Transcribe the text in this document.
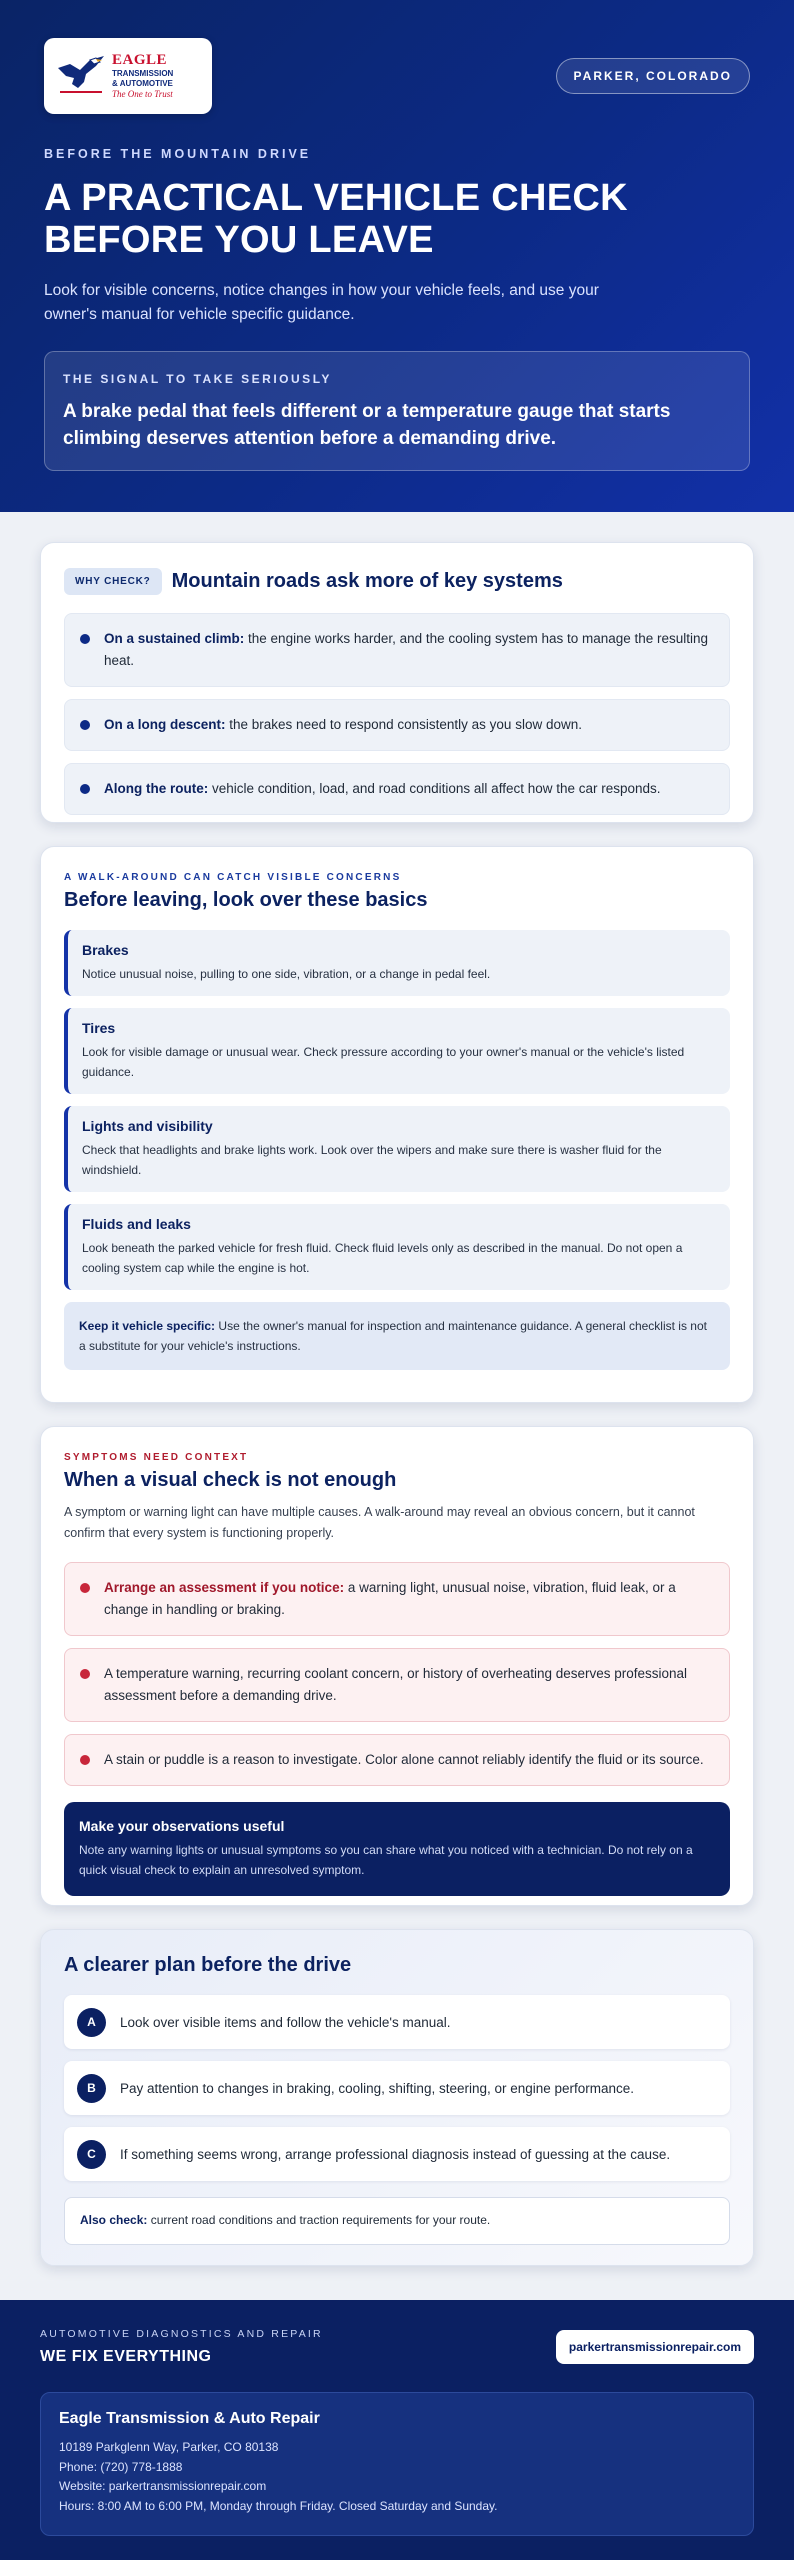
EAGLE
TRANSMISSION
& AUTOMOTIVE
The One to Trust
PARKER, COLORADO
BEFORE THE MOUNTAIN DRIVE
A PRACTICAL VEHICLE CHECK BEFORE YOU LEAVE

Look for visible concerns, notice changes in how your vehicle feels, and use your owner's manual for vehicle specific guidance.

THE SIGNAL TO TAKE SERIOUSLY
A brake pedal that feels different or a temperature gauge that starts climbing deserves attention before a demanding drive.
WHY CHECK?	Mountain roads ask more of key systems

On a sustained climb: the engine works harder, and the cooling system has to manage the resulting heat.

On a long descent: the brakes need to respond consistently as you slow down.

Along the route: vehicle condition, load, and road conditions all affect how the car responds.

A WALK-AROUND CAN CATCH VISIBLE CONCERNS
Before leaving, look over these basics
Brakes

Notice unusual noise, pulling to one side, vibration, or a change in pedal feel.

Tires

Look for visible damage or unusual wear. Check pressure according to your owner's manual or the vehicle's listed guidance.

Lights and visibility

Check that headlights and brake lights work. Look over the wipers and make sure there is washer fluid for the windshield.

Fluids and leaks

Look beneath the parked vehicle for fresh fluid. Check fluid levels only as described in the manual. Do not open a cooling system cap while the engine is hot.

Keep it vehicle specific: Use the owner's manual for inspection and maintenance guidance. A general checklist is not a substitute for your vehicle's instructions.
SYMPTOMS NEED CONTEXT
When a visual check is not enough

A symptom or warning light can have multiple causes. A walk-around may reveal an obvious concern, but it cannot confirm that every system is functioning properly.

Arrange an assessment if you notice: a warning light, unusual noise, vibration, fluid leak, or a change in handling or braking.

A temperature warning, recurring coolant concern, or history of overheating deserves professional assessment before a demanding drive.

A stain or puddle is a reason to investigate. Color alone cannot reliably identify the fluid or its source.

Make your observations useful

Note any warning lights or unusual symptoms so you can share what you noticed with a technician. Do not rely on a quick visual check to explain an unresolved symptom.

A clearer plan before the drive
A	Look over visible items and follow the vehicle's manual.
B	Pay attention to changes in braking, cooling, shifting, steering, or engine performance.
C	If something seems wrong, arrange professional diagnosis instead of guessing at the cause.
Also check: current road conditions and traction requirements for your route.
AUTOMOTIVE DIAGNOSTICS AND REPAIR
WE FIX EVERYTHING
parkertransmissionrepair.com
Eagle Transmission & Auto Repair
10189 Parkglenn Way, Parker, CO 80138
Phone: (720) 778-1888
Website: parkertransmissionrepair.com
Hours: 8:00 AM to 6:00 PM, Monday through Friday. Closed Saturday and Sunday.
